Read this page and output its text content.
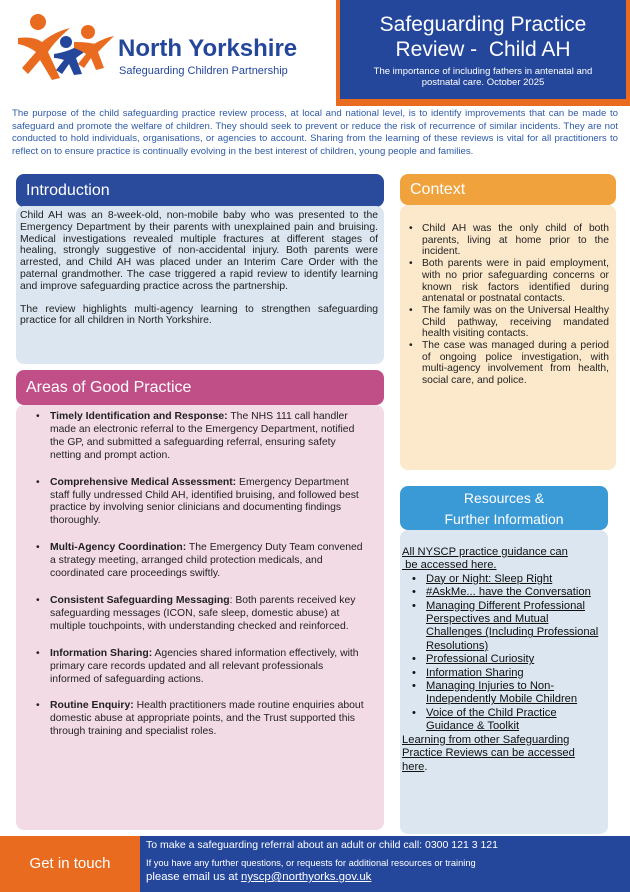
North Yorkshire
Safeguarding Children Partnership
Safeguarding Practice
Review -  Child AH
The importance of including fathers in antenatal and postnatal care. October 2025
The purpose of the child safeguarding practice review process, at local and national level, is to identify improvements that can be made to safeguard and promote the welfare of children. They should seek to prevent or reduce the risk of recurrence of similar incidents. They are not conducted to hold individuals, organisations, or agencies to account. Sharing from the learning of these reviews is vital for all practitioners to reflect on to ensure practice is continually evolving in the best interest of children, young people and families.
Introduction

Child AH was an 8-week-old, non-mobile baby who was presented to the Emergency Department by their parents with unexplained pain and bruising. Medical investigations revealed multiple fractures at different stages of healing, strongly suggestive of non-accidental injury. Both parents were arrested, and Child AH was placed under an Interim Care Order with the paternal grandmother. The case triggered a rapid review to identify learning and improve safeguarding practice across the partnership.

The review highlights multi-agency learning to strengthen safeguarding practice for all children in North Yorkshire.

Areas of Good Practice
• Timely Identification and Response: The NHS 111 call handler made an electronic referral to the Emergency Department, notified the GP, and submitted a safeguarding referral, ensuring safety netting and prompt action.
• Comprehensive Medical Assessment: Emergency Department staff fully undressed Child AH, identified bruising, and followed best practice by involving senior clinicians and documenting findings thoroughly.
• Multi-Agency Coordination: The Emergency Duty Team convened a strategy meeting, arranged child protection medicals, and coordinated care proceedings swiftly.
• Consistent Safeguarding Messaging: Both parents received key safeguarding messages (ICON, safe sleep, domestic abuse) at multiple touchpoints, with understanding checked and reinforced.
• Information Sharing: Agencies shared information effectively, with primary care records updated and all relevant professionals informed of safeguarding actions.
• Routine Enquiry: Health practitioners made routine enquiries about domestic abuse at appropriate points, and the Trust supported this through training and specialist roles.
Context
• Child AH was the only child of both parents, living at home prior to the incident.
• Both parents were in paid employment, with no prior safeguarding concerns or known risk factors identified during antenatal or postnatal contacts.
• The family was on the Universal Healthy Child pathway, receiving mandated health visiting contacts.
• The case was managed during a period of ongoing police investigation, with multi-agency involvement from health, social care, and police.
Resources &
Further Information
All NYSCP practice guidance can
be accessed here.
• Day or Night: Sleep Right
• #AskMe... have the Conversation
• Managing Different Professional Perspectives and Mutual Challenges (Including Professional Resolutions)
• Professional Curiosity
• Information Sharing
• Managing Injuries to Non-Independently Mobile Children
• Voice of the Child Practice Guidance & Toolkit
Learning from other Safeguarding Practice Reviews can be accessed here.
Get in touch
To make a safeguarding referral about an adult or child call: 0300 121 3 121
If you have any further questions, or requests for additional resources or training
please email us at nyscp@northyorks.gov.uk
